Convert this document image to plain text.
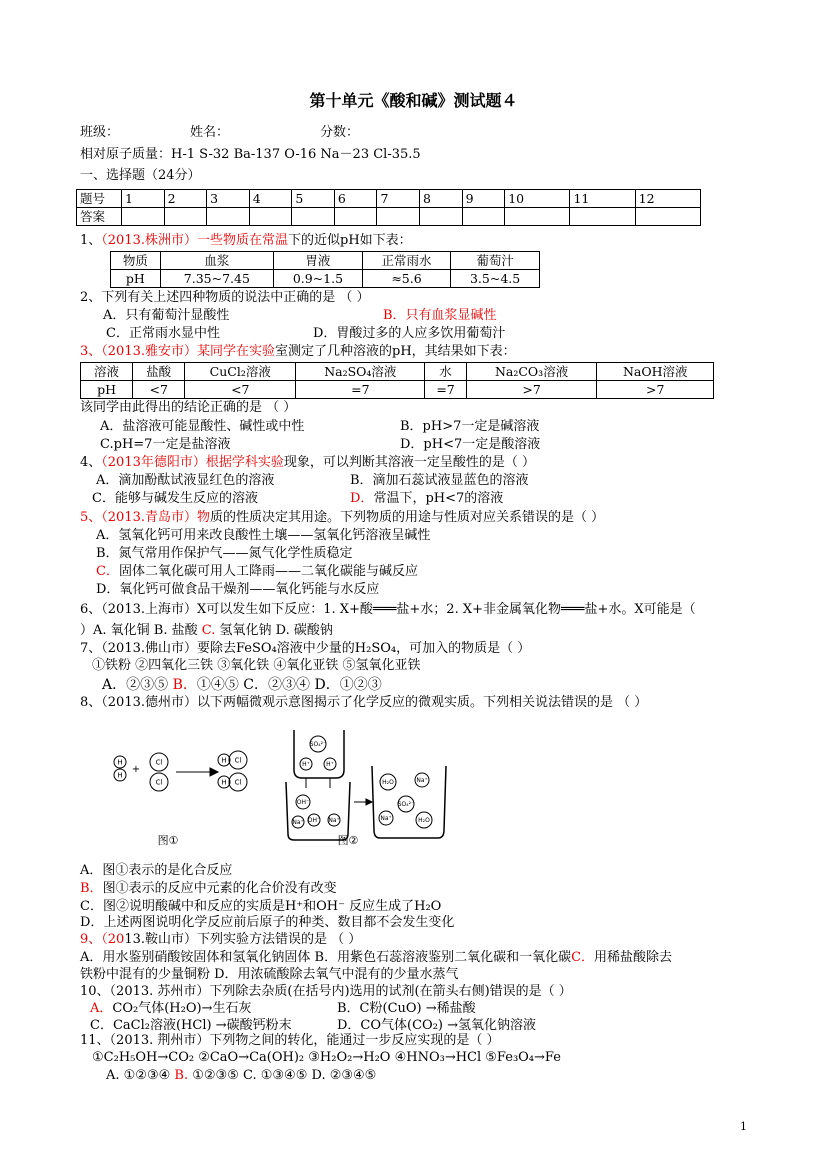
第十单元《酸和碱》测试题４
班级：	姓名：	分数：
相对原子质量：H-1 S-32 Ba-137 O-16 Na－23 Cl-35.5
一、选择题（24分）
题号	1	2	3	4	5	6	7	8	9	10	11	12
答案												
1、（2013.株洲市）一些物质在常温下的近似pH如下表：
物质	血浆	胃液	正常雨水	葡萄汁
pH	7.35~7.45	0.9~1.5	≈5.6	3.5~4.5
2、下列有关上述四种物质的说法中正确的是 （ ）
A．只有葡萄汁显酸性	B．只有血浆显碱性
C．正常雨水显中性	D．胃酸过多的人应多饮用葡萄汁
3、（2013.雅安市）某同学在实验室测定了几种溶液的pH，其结果如下表：
溶液	盐酸	CuCl₂溶液	Na₂SO₄溶液	水	Na₂CO₃溶液	NaOH溶液
pH	<7	<7	=7	=7	>7	>7
该同学由此得出的结论正确的是 （ ）
A．盐溶液可能显酸性、碱性或中性	B．pH>7一定是碱溶液
C.pH=7一定是盐溶液	D．pH<7一定是酸溶液
4、（2013年德阳市）根据学科实验现象，可以判断其溶液一定呈酸性的是（ ）
A．滴加酚酞试液显红色的溶液	B．滴加石蕊试液显蓝色的溶液
C．能够与碱发生反应的溶液	D．常温下，pH<7的溶液
5、（2013.青岛市）物质的性质决定其用途。下列物质的用途与性质对应关系错误的是（ ）
A．氢氧化钙可用来改良酸性土壤——氢氧化钙溶液呈碱性
B．氮气常用作保护气——氮气化学性质稳定
C．固体二氧化碳可用人工降雨——二氧化碳能与碱反应
D．氧化钙可做食品干燥剂——氧化钙能与水反应
6、（2013.上海市）X可以发生如下反应：1. X+酸═══盐+水；2. X+非金属氧化物═══盐+水。X可能是（
）A. 氧化铜 B. 盐酸 C. 氢氧化钠 D. 碳酸钠
7、（2013.佛山市）要除去FeSO₄溶液中少量的H₂SO₄，可加入的物质是（ ）
①铁粉 ②四氧化三铁 ③氧化铁 ④氧化亚铁 ⑤氢氧化亚铁
A．②③⑤ B．①④⑤ C．②③④ D．①②③
8、（2013.德州市）以下两幅微观示意图揭示了化学反应的微观实质。下列相关说法错误的是 （ ）
H
H
+
Cl
Cl
H Cl
H Cl
图①
SO₄²⁻
H⁺	H⁺
OH⁻
Na⁺ OH⁻ Na⁺
H₂O	Na⁺
SO₄²⁻
Na⁺	H₂O
图②
A．图①表示的是化合反应
B．图①表示的反应中元素的化合价没有改变
C．图②说明酸碱中和反应的实质是H⁺和OH⁻ 反应生成了H₂O
D．上述两图说明化学反应前后原子的种类、数目都不会发生变化
9、（2013.鞍山市）下列实验方法错误的是 （ ）
A．用水鉴别硝酸铵固体和氢氧化钠固体 B．用紫色石蕊溶液鉴别二氧化碳和一氧化碳C．用稀盐酸除去
铁粉中混有的少量铜粉 D．用浓硫酸除去氧气中混有的少量水蒸气
10、（2013. 苏州市）下列除去杂质(在括号内)选用的试剂(在箭头右侧)错误的是（ ）
A．CO₂气体(H₂O)→生石灰	B．C粉(CuO) →稀盐酸
C．CaCl₂溶液(HCl) →碳酸钙粉末	D．CO气体(CO₂) →氢氧化钠溶液
11、（2013. 荆州市）下列物之间的转化，能通过一步反应实现的是（ ）
①C₂H₅OH→CO₂ ②CaO→Ca(OH)₂ ③H₂O₂→H₂O ④HNO₃→HCl ⑤Fe₃O₄→Fe
A. ①②③④ B. ①②③⑤ C. ①③④⑤ D. ②③④⑤
1
